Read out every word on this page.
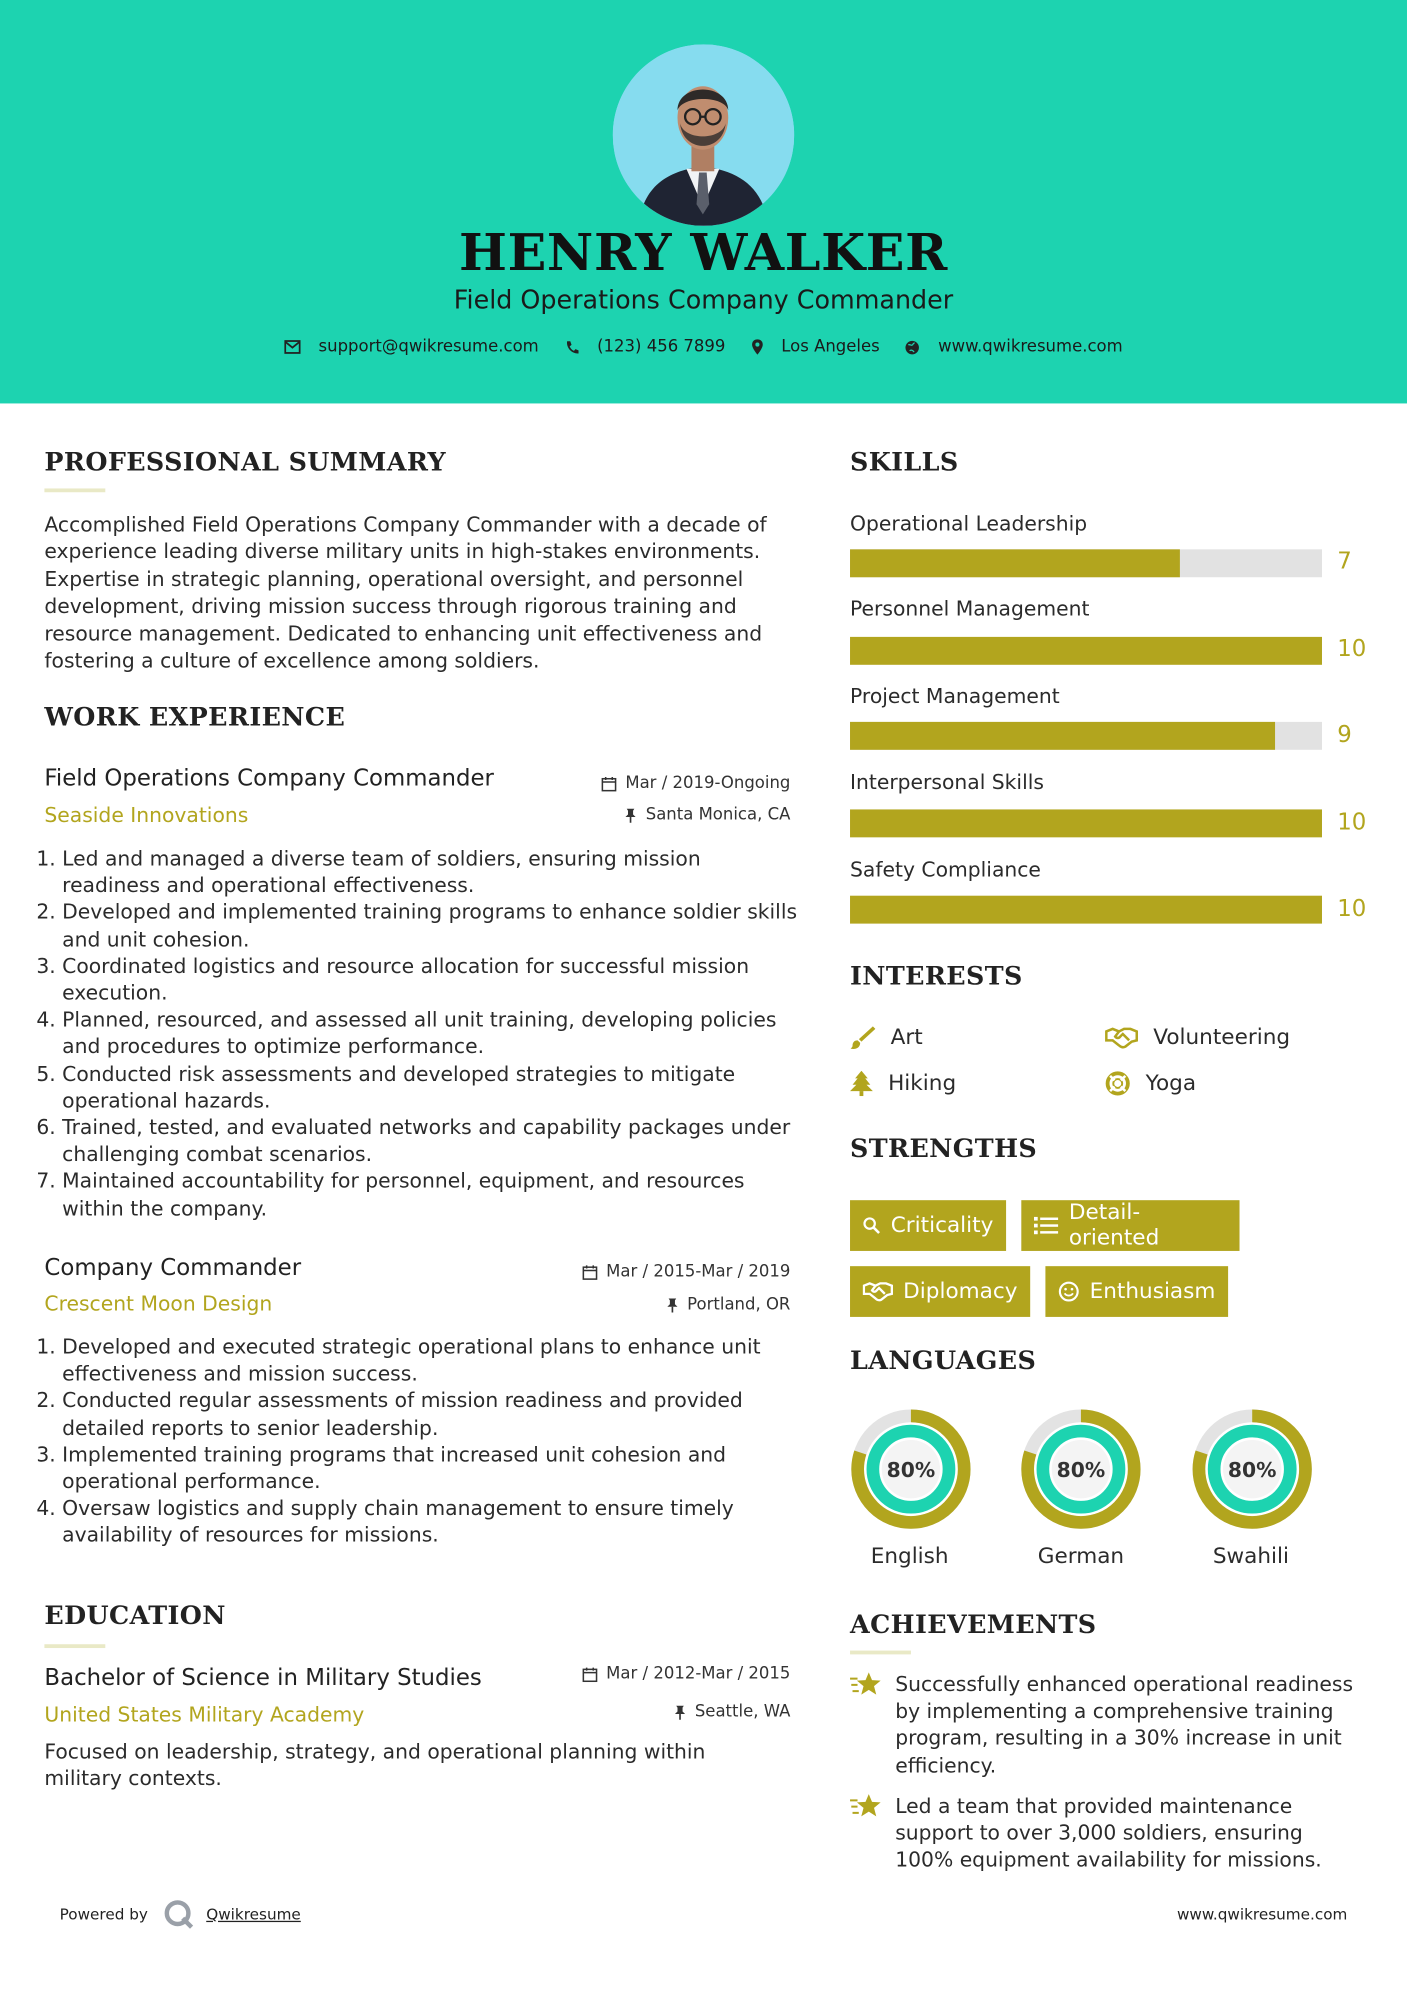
HENRY WALKER
Field Operations Company Commander
support@qwikresume.com	(123) 456 7899	Los Angeles	www.qwikresume.com
PROFESSIONAL SUMMARY
Accomplished Field Operations Company Commander with a decade of experience leading diverse military units in high-stakes environments. Expertise in strategic planning, operational oversight, and personnel development, driving mission success through rigorous training and resource management. Dedicated to enhancing unit effectiveness and fostering a culture of excellence among soldiers.
WORK EXPERIENCE
Field Operations Company Commander	Mar / 2019-Ongoing
Seaside Innovations	Santa Monica, CA
1. Led and managed a diverse team of soldiers, ensuring mission readiness and operational effectiveness.
2. Developed and implemented training programs to enhance soldier skills and unit cohesion.
3. Coordinated logistics and resource allocation for successful mission execution.
4. Planned, resourced, and assessed all unit training, developing policies and procedures to optimize performance.
5. Conducted risk assessments and developed strategies to mitigate operational hazards.
6. Trained, tested, and evaluated networks and capability packages under challenging combat scenarios.
7. Maintained accountability for personnel, equipment, and resources within the company.
Company Commander	Mar / 2015-Mar / 2019
Crescent Moon Design	Portland, OR
1. Developed and executed strategic operational plans to enhance unit effectiveness and mission success.
2. Conducted regular assessments of mission readiness and provided detailed reports to senior leadership.
3. Implemented training programs that increased unit cohesion and operational performance.
4. Oversaw logistics and supply chain management to ensure timely availability of resources for missions.
EDUCATION
Bachelor of Science in Military Studies	Mar / 2012-Mar / 2015
United States Military Academy	Seattle, WA
Focused on leadership, strategy, and operational planning within military contexts.
SKILLS
Operational Leadership
7
Personnel Management
10
Project Management
9
Interpersonal Skills
10
Safety Compliance
10
INTERESTS
Art	Volunteering
Hiking	Yoga
STRENGTHS
Criticality	Detail-oriented
Diplomacy	Enthusiasm
LANGUAGES
80%
English
80%
German
80%
Swahili
ACHIEVEMENTS
Successfully enhanced operational readiness by implementing a comprehensive training program, resulting in a 30% increase in unit efficiency.
Led a team that provided maintenance support to over 3,000 soldiers, ensuring 100% equipment availability for missions.
Powered by	Qwikresume	www.qwikresume.com
